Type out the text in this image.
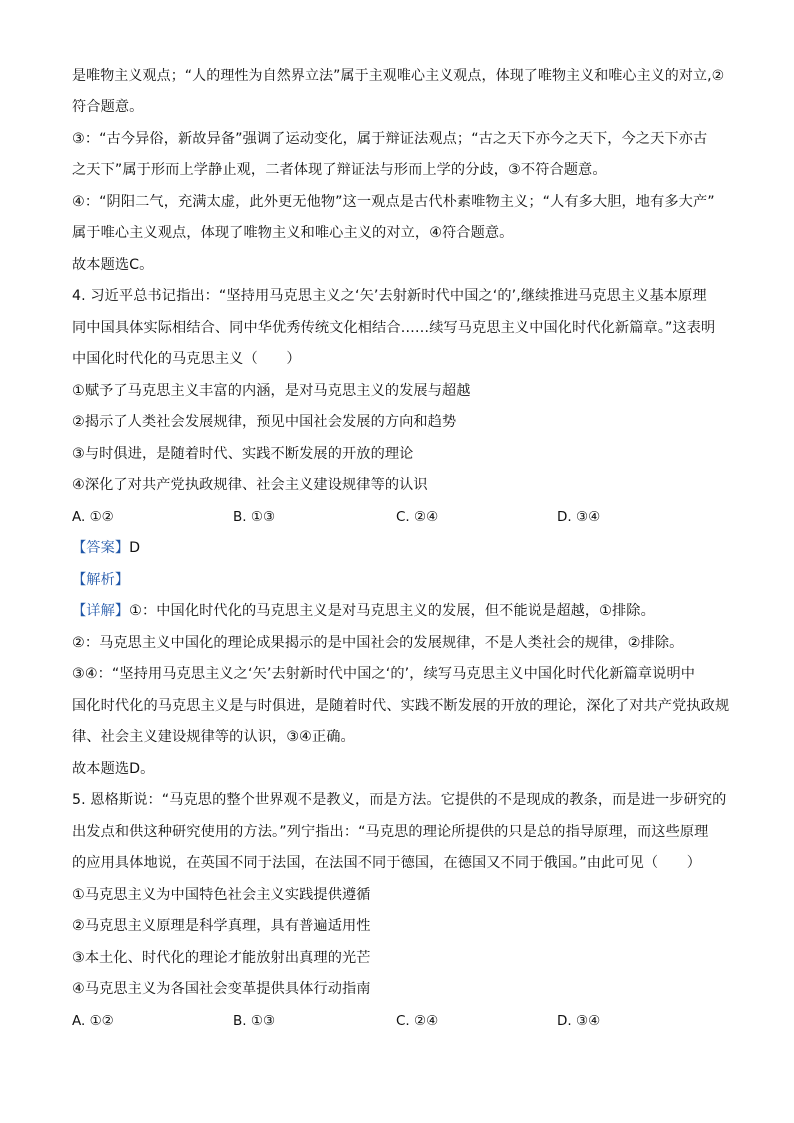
是唯物主义观点；“人的理性为自然界立法”属于主观唯心主义观点，体现了唯物主义和唯心主义的对立,②
符合题意。
③：“古今异俗，新故异备”强调了运动变化，属于辩证法观点；“古之天下亦今之天下，今之天下亦古
之天下”属于形而上学静止观，二者体现了辩证法与形而上学的分歧，③不符合题意。
④：“阴阳二气，充满太虚，此外更无他物”这一观点是古代朴素唯物主义；“人有多大胆，地有多大产”
属于唯心主义观点，体现了唯物主义和唯心主义的对立，④符合题意。
故本题选C。
4. 习近平总书记指出：“坚持用马克思主义之‘矢’去射新时代中国之‘的’,继续推进马克思主义基本原理
同中国具体实际相结合、同中华优秀传统文化相结合……续写马克思主义中国化时代化新篇章。”这表明
中国化时代化的马克思主义（　　）
①赋予了马克思主义丰富的内涵，是对马克思主义的发展与超越
②揭示了人类社会发展规律，预见中国社会发展的方向和趋势
③与时俱进，是随着时代、实践不断发展的开放的理论
④深化了对共产党执政规律、社会主义建设规律等的认识
A. ①②	B. ①③	C. ②④	D. ③④
【答案】D
【解析】
【详解】①：中国化时代化的马克思主义是对马克思主义的发展，但不能说是超越，①排除。
②：马克思主义中国化的理论成果揭示的是中国社会的发展规律，不是人类社会的规律，②排除。
③④：“坚持用马克思主义之‘矢’去射新时代中国之‘的’，续写马克思主义中国化时代化新篇章说明中
国化时代化的马克思主义是与时俱进，是随着时代、实践不断发展的开放的理论，深化了对共产党执政规
律、社会主义建设规律等的认识，③④正确。
故本题选D。
5. 恩格斯说：“马克思的整个世界观不是教义，而是方法。它提供的不是现成的教条，而是进一步研究的
出发点和供这种研究使用的方法。”列宁指出：“马克思的理论所提供的只是总的指导原理，而这些原理
的应用具体地说，在英国不同于法国，在法国不同于德国，在德国又不同于俄国。”由此可见（　　）
①马克思主义为中国特色社会主义实践提供遵循
②马克思主义原理是科学真理，具有普遍适用性
③本土化、时代化的理论才能放射出真理的光芒
④马克思主义为各国社会变革提供具体行动指南
A. ①②	B. ①③	C. ②④	D. ③④
